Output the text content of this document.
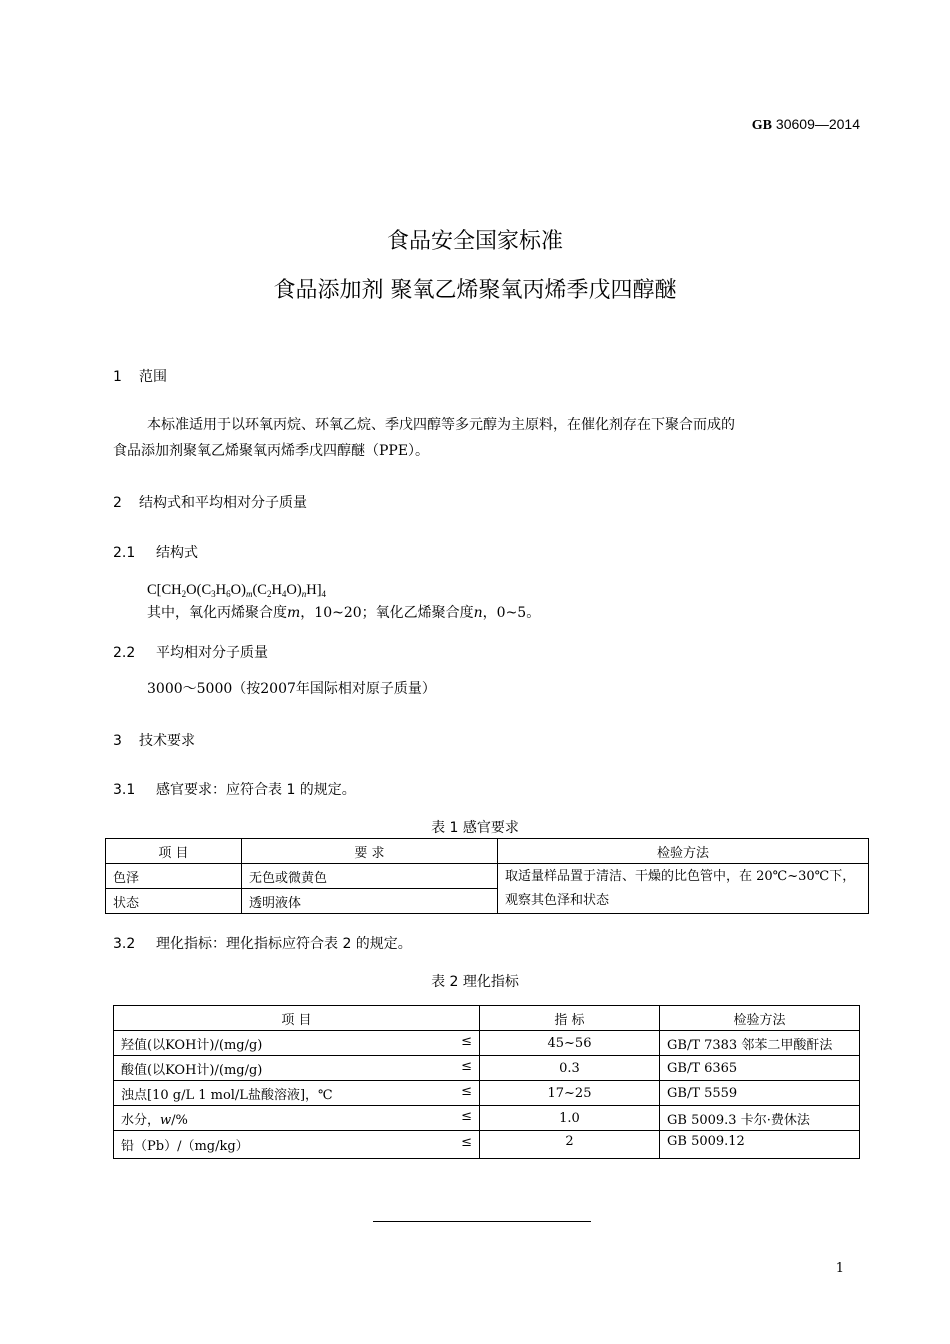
GB 30609—2014
食品安全国家标准
食品添加剂 聚氧乙烯聚氧丙烯季戊四醇醚
1 范围
本标准适用于以环氧丙烷、环氧乙烷、季戊四醇等多元醇为主原料，在催化剂存在下聚合而成的
食品添加剂聚氧乙烯聚氧丙烯季戊四醇醚（PPE）。
2 结构式和平均相对分子质量
2.1 结构式
$C[CH_2O(C_3H_6O)_m(C_2H_4O)_nH]_4$
其中，氧化丙烯聚合度m，10~20；氧化乙烯聚合度n，0~5。
2.2 平均相对分子质量
3000～5000（按2007年国际相对原子质量）
3 技术要求
3.1 感官要求：应符合表 1 的规定。
表 1 感官要求
项 目	要 求	检验方法
色泽	无色或微黄色	取适量样品置于清洁、干燥的比色管中，在 20℃~30℃下，
观察其色泽和状态
状态	透明液体	
3.2 理化指标：理化指标应符合表 2 的规定。
表 2 理化指标
项 目	指 标	检验方法
羟值(以KOH计)/(mg/g) ≤	45~56	GB/T 7383 邻苯二甲酸酐法
酸值(以KOH计)/(mg/g) ≤	0.3	GB/T 6365
浊点[10 g/L 1 mol/L盐酸溶液]，℃ ≤	17~25	GB/T 5559
水分，w/% ≤	1.0	GB 5009.3 卡尔·费休法
铅（Pb）/（mg/kg） ≤	2	GB 5009.12
1
